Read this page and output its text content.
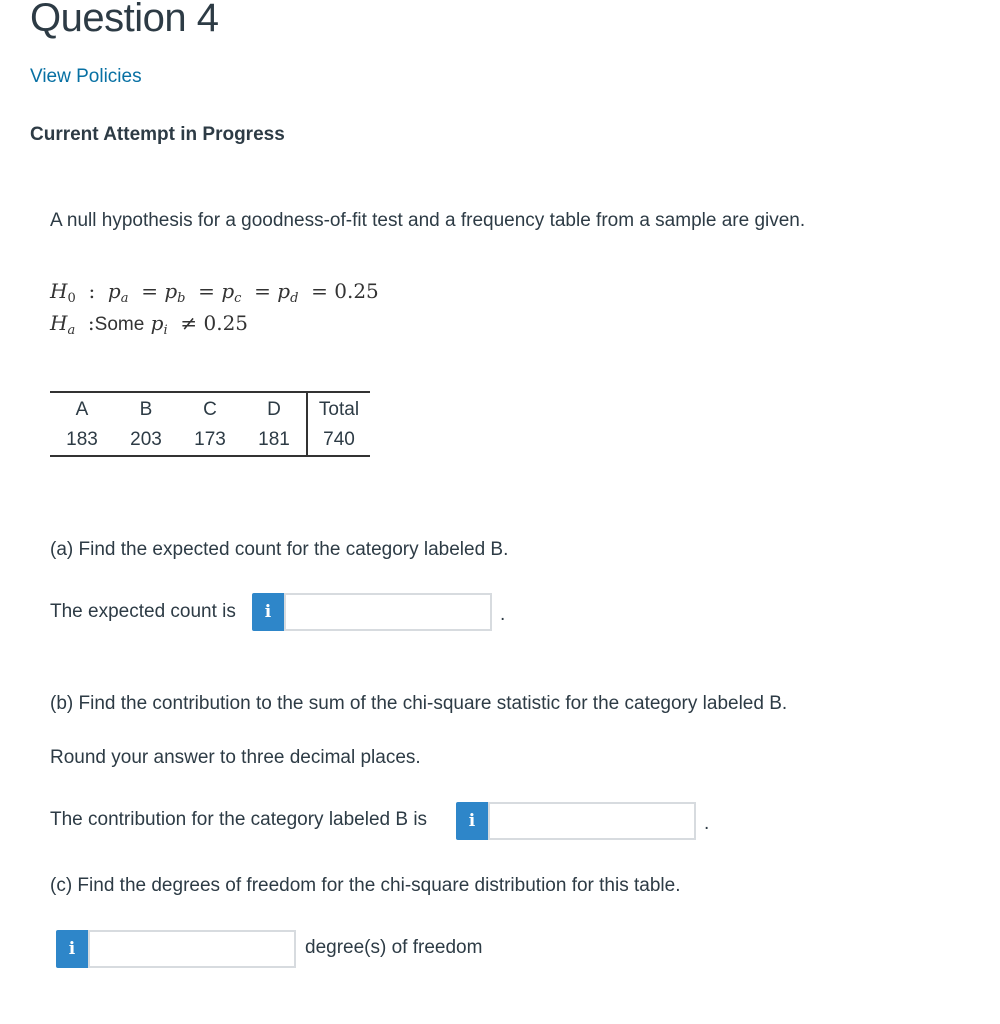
Question 4
View Policies
Current Attempt in Progress
A null hypothesis for a goodness-of-fit test and a frequency table from a sample are given.
$H_0$  :  $p_a = p_b = p_c = p_d = 0.25$
$H_a$  :Some $p_i \ne 0.25$
A	B	C	D	Total
183	203	173	181	740
(a) Find the expected count for the category labeled B.
The expected count is	i	.
(b) Find the contribution to the sum of the chi-square statistic for the category labeled B.
Round your answer to three decimal places.
The contribution for the category labeled B is	i	.
(c) Find the degrees of freedom for the chi-square distribution for this table.
i	degree(s) of freedom
